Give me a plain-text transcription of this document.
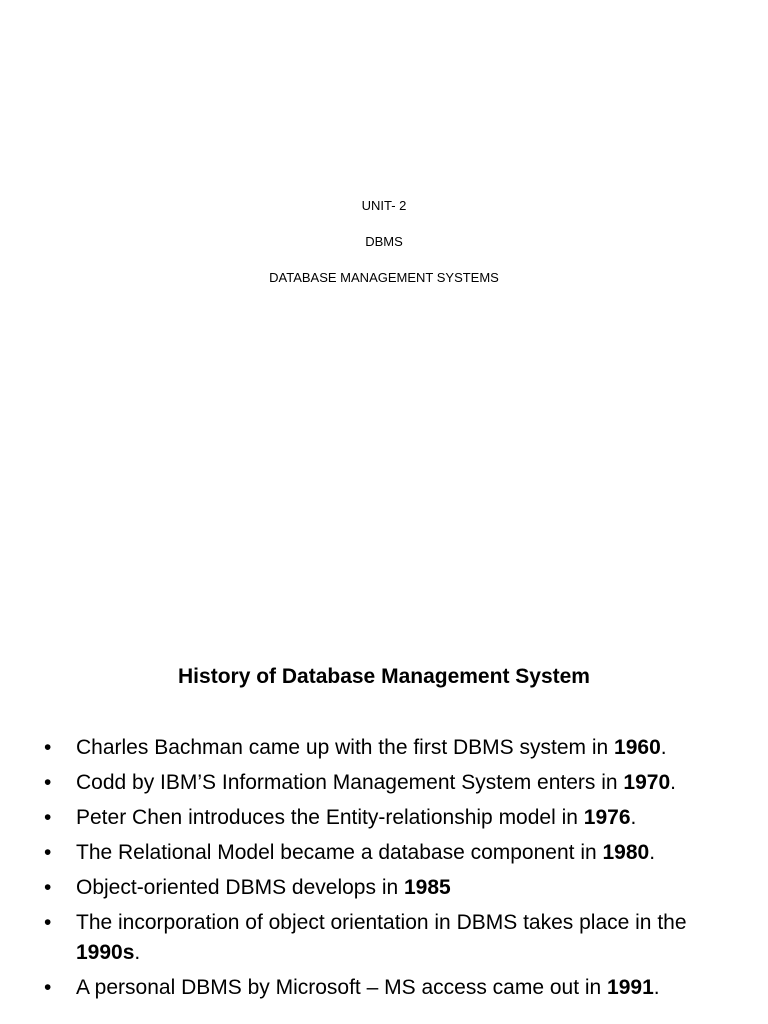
UNIT- 2
DBMS
DATABASE MANAGEMENT SYSTEMS
History of Database Management System
• Charles Bachman came up with the first DBMS system in 1960.
• Codd by IBM’S Information Management System enters in 1970.
• Peter Chen introduces the Entity-relationship model in 1976.
• The Relational Model became a database component in 1980.
• Object-oriented DBMS develops in 1985
• The incorporation of object orientation in DBMS takes place in the 1990s.
• A personal DBMS by Microsoft – MS access came out in 1991.
